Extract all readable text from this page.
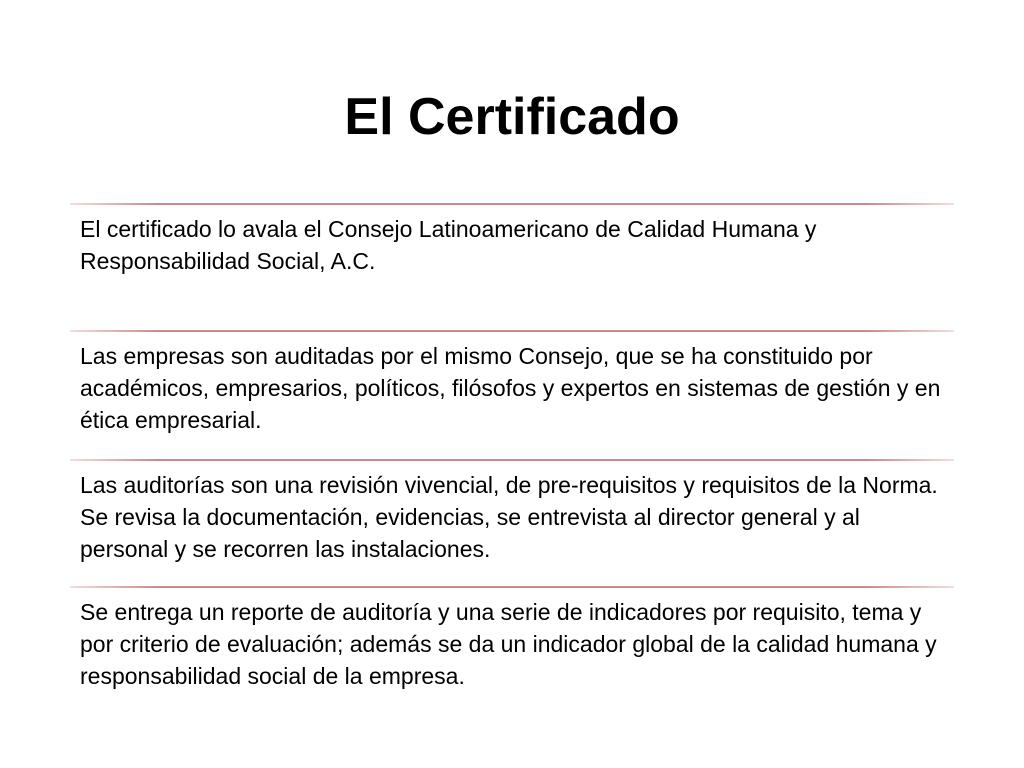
El Certificado

El certificado lo avala el Consejo Latinoamericano de Calidad Humana y Responsabilidad Social, A.C.

Las empresas son auditadas por el mismo Consejo, que se ha constituido por académicos, empresarios, políticos, filósofos y expertos en sistemas de gestión y en ética empresarial.

Las auditorías son una revisión vivencial, de pre-requisitos y requisitos de la Norma. Se revisa la documentación, evidencias, se entrevista al director general y al personal y se recorren las instalaciones.

Se entrega un reporte de auditoría y una serie de indicadores por requisito, tema y por criterio de evaluación; además se da un indicador global de la calidad humana y responsabilidad social de la empresa.
